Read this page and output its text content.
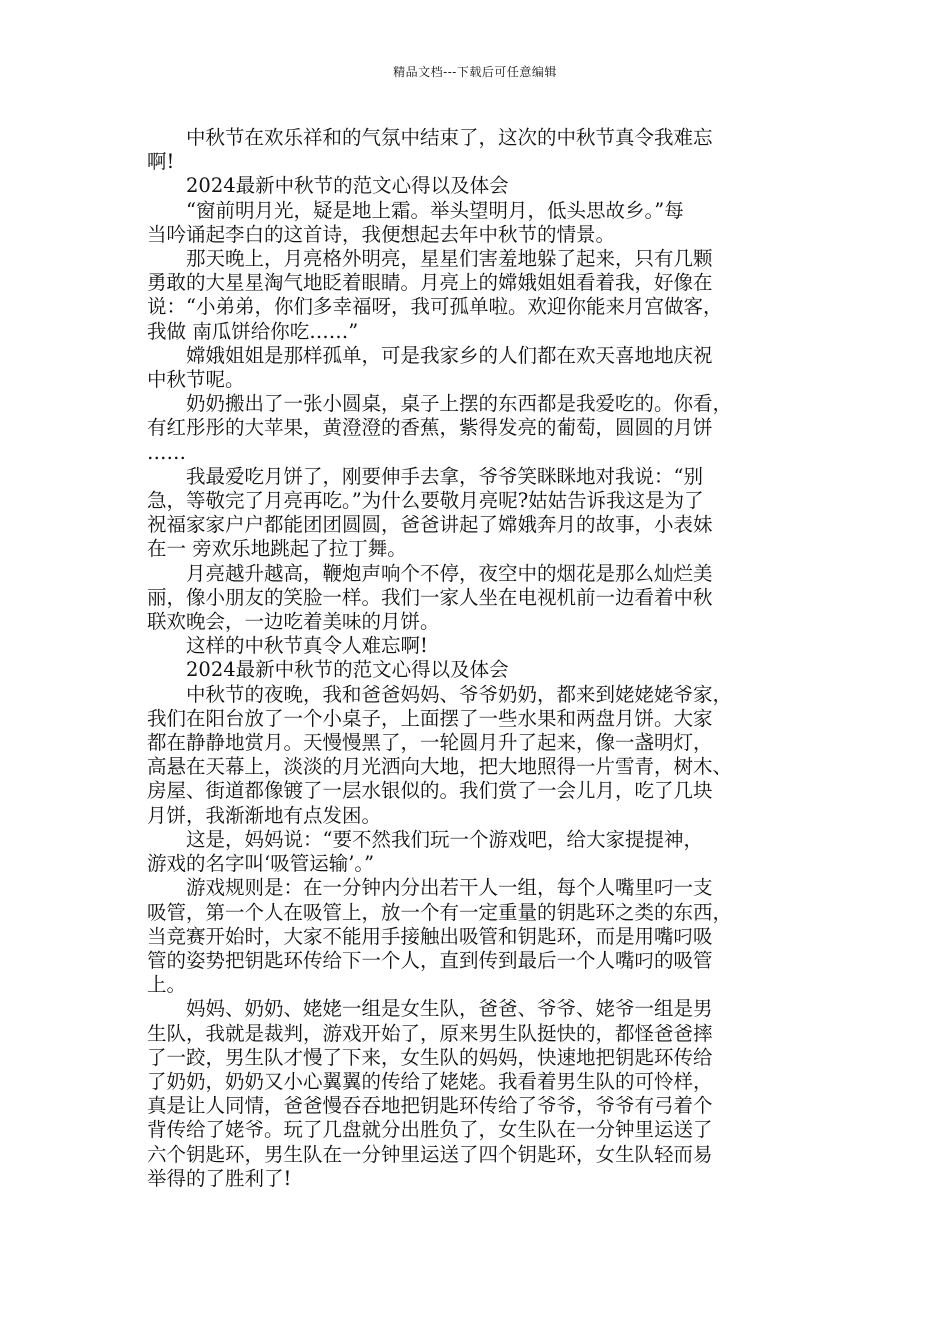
精品文档---下载后可任意编辑

中秋节在欢乐祥和的气氛中结束了，这次的中秋节真令我难忘
啊!

2024最新中秋节的范文心得以及体会

“窗前明月光，疑是地上霜。举头望明月，低头思故乡。”每
当吟诵起李白的这首诗，我便想起去年中秋节的情景。

那天晚上，月亮格外明亮，星星们害羞地躲了起来，只有几颗
勇敢的大星星淘气地眨着眼睛。月亮上的嫦娥姐姐看着我，好像在
说：“小弟弟，你们多幸福呀，我可孤单啦。欢迎你能来月宫做客，
我做 南瓜饼给你吃……”

嫦娥姐姐是那样孤单，可是我家乡的人们都在欢天喜地地庆祝
中秋节呢。

奶奶搬出了一张小圆桌，桌子上摆的东西都是我爱吃的。你看，
有红彤彤的大苹果，黄澄澄的香蕉，紫得发亮的葡萄，圆圆的月饼
……

我最爱吃月饼了，刚要伸手去拿，爷爷笑眯眯地对我说：“别
急，等敬完了月亮再吃。”为什么要敬月亮呢?姑姑告诉我这是为了
祝福家家户户都能团团圆圆，爸爸讲起了嫦娥奔月的故事，小表妹
在一 旁欢乐地跳起了拉丁舞。

月亮越升越高，鞭炮声响个不停，夜空中的烟花是那么灿烂美
丽，像小朋友的笑脸一样。我们一家人坐在电视机前一边看着中秋
联欢晚会，一边吃着美味的月饼。

这样的中秋节真令人难忘啊!

2024最新中秋节的范文心得以及体会

中秋节的夜晚，我和爸爸妈妈、爷爷奶奶，都来到姥姥姥爷家，
我们在阳台放了一个小桌子，上面摆了一些水果和两盘月饼。大家
都在静静地赏月。天慢慢黑了，一轮圆月升了起来，像一盏明灯，
高悬在天幕上，淡淡的月光洒向大地，把大地照得一片雪青，树木、
房屋、街道都像镀了一层水银似的。我们赏了一会儿月，吃了几块
月饼，我渐渐地有点发困。

这是，妈妈说：“要不然我们玩一个游戏吧，给大家提提神，
游戏的名字叫‘吸管运输’。”

游戏规则是：在一分钟内分出若干人一组，每个人嘴里叼一支
吸管，第一个人在吸管上，放一个有一定重量的钥匙环之类的东西，
当竞赛开始时，大家不能用手接触出吸管和钥匙环，而是用嘴叼吸
管的姿势把钥匙环传给下一个人，直到传到最后一个人嘴叼的吸管
上。

妈妈、奶奶、姥姥一组是女生队，爸爸、爷爷、姥爷一组是男
生队，我就是裁判，游戏开始了，原来男生队挺快的，都怪爸爸摔
了一跤，男生队才慢了下来，女生队的妈妈，快速地把钥匙环传给
了奶奶，奶奶又小心翼翼的传给了姥姥。我看着男生队的可怜样，
真是让人同情，爸爸慢吞吞地把钥匙环传给了爷爷，爷爷有弓着个
背传给了姥爷。玩了几盘就分出胜负了，女生队在一分钟里运送了
六个钥匙环，男生队在一分钟里运送了四个钥匙环，女生队轻而易
举得的了胜利了!
